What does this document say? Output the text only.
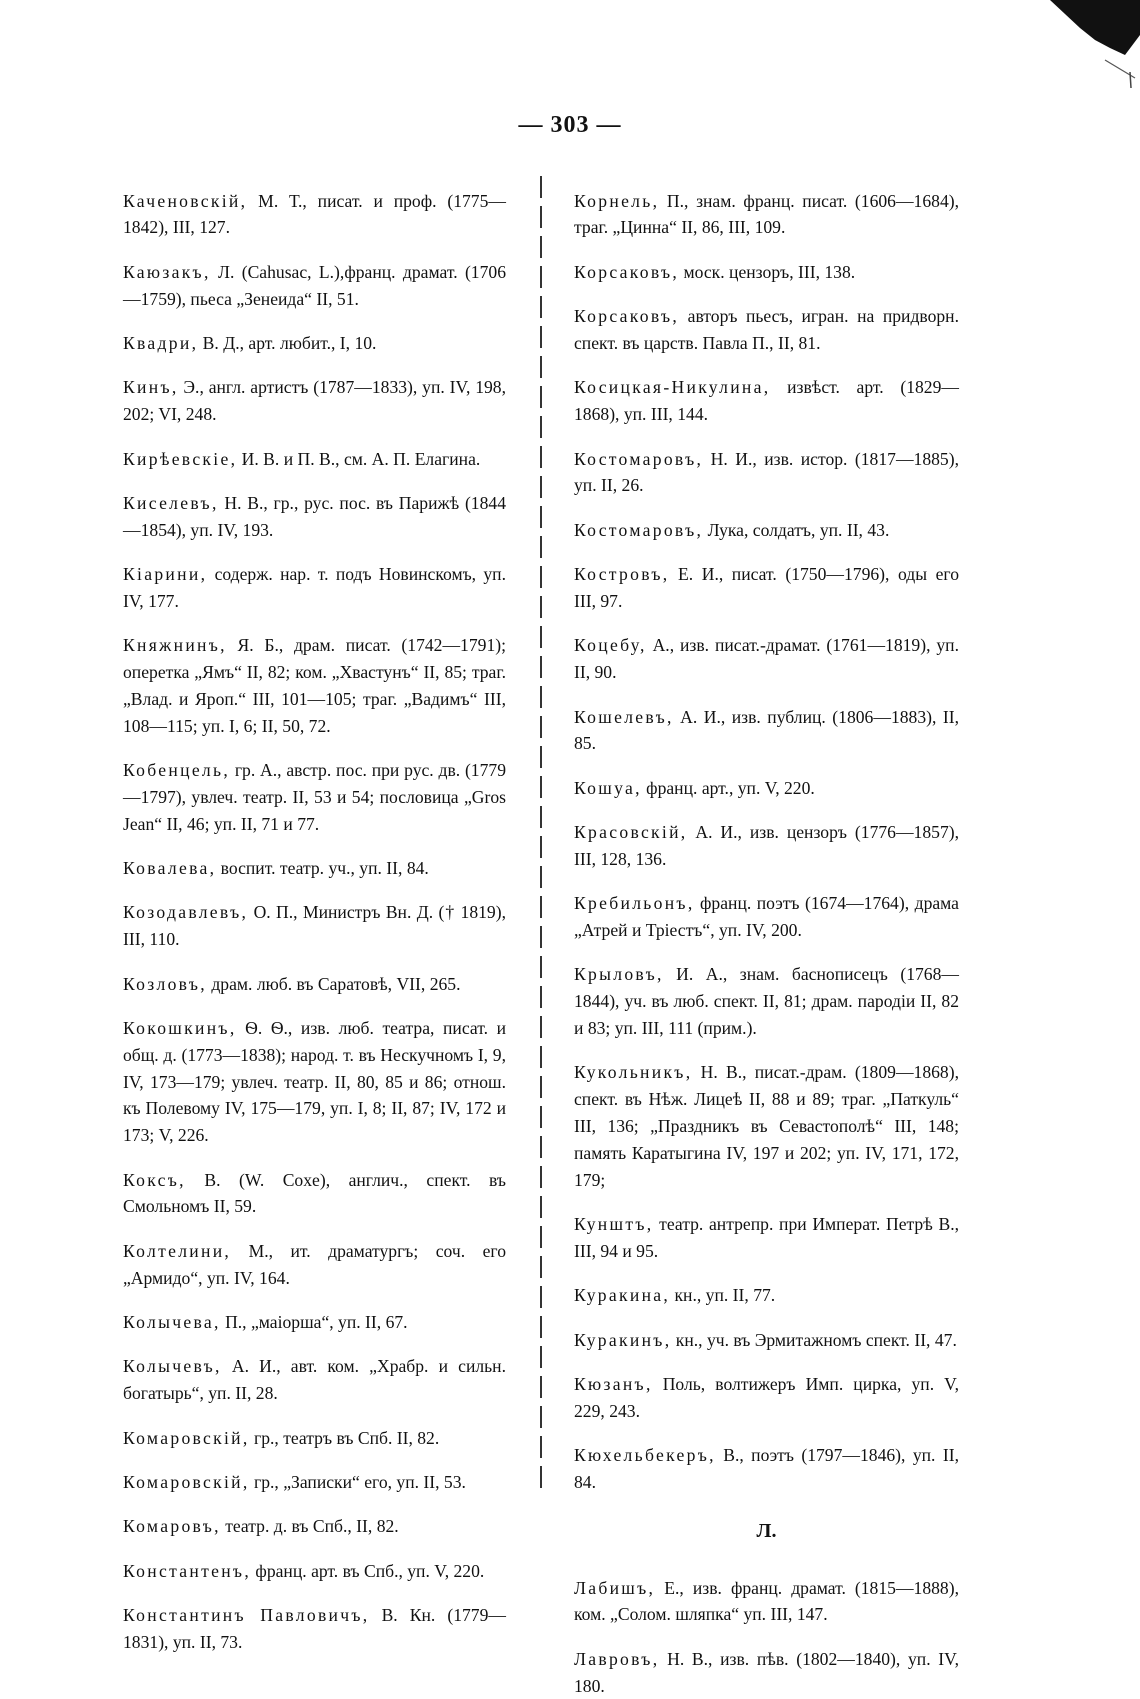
— 303 —

Каченовскій, М. Т., писат. и проф. (1775—1842), III, 127.

Каюзакъ, Л. (Cahusac, L.),франц. драмат. (1706—1759), пьеса „Зенеида“ II, 51.

Квадри, В. Д., арт. любит., I, 10.

Кинъ, Э., англ. артистъ (1787—1833), уп. IV, 198, 202; VI, 248.

Кирѣевскіе, И. В. и П. В., см. А. П. Елагина.

Киселевъ, Н. В., гр., рус. пос. въ Парижѣ (1844—1854), уп. IV, 193.

Кіарини, содерж. нар. т. подъ Новинскомъ, уп. IV, 177.

Княжнинъ, Я. Б., драм. писат. (1742—1791); оперетка „Ямъ“ II, 82; ком. „Хвастунъ“ II, 85; траг. „Влад. и Яроп.“ III, 101—105; траг. „Вадимъ“ III, 108—115; уп. I, 6; II, 50, 72.

Кобенцель, гр. А., австр. пос. при рус. дв. (1779—1797), увлеч. театр. II, 53 и 54; пословица „Gros Jean“ II, 46; уп. II, 71 и 77.

Ковалева, воспит. театр. уч., уп. II, 84.

Козодавлевъ, О. П., Министръ Вн. Д. († 1819), III, 110.

Козловъ, драм. люб. въ Саратовѣ, VII, 265.

Кокошкинъ, Ѳ. Ѳ., изв. люб. театра, писат. и общ. д. (1773—1838); народ. т. въ Нескучномъ I, 9, IV, 173—179; увлеч. театр. II, 80, 85 и 86; отнош. къ Полевому IV, 175—179, уп. I, 8; II, 87; IV, 172 и 173; V, 226.

Коксъ, В. (W. Coxe), англич., спект. въ Смольномъ II, 59.

Колтелини, М., ит. драматургъ; соч. его „Армидо“, уп. IV, 164.

Колычева, П., „маіорша“, уп. II, 67.

Колычевъ, А. И., авт. ком. „Храбр. и сильн. богатырь“, уп. II, 28.

Комаровскій, гр., театръ въ Спб. II, 82.

Комаровскій, гр., „Записки“ его, уп. II, 53.

Комаровъ, театр. д. въ Спб., II, 82.

Константенъ, франц. арт. въ Спб., уп. V, 220.

Константинъ Павловичъ, В. Кн. (1779—1831), уп. II, 73.

Корнель, П., знам. франц. писат. (1606—1684), траг. „Цинна“ II, 86, III, 109.

Корсаковъ, моск. цензоръ, III, 138.

Корсаковъ, авторъ пьесъ, игран. на придворн. спект. въ царств. Павла П., II, 81.

Косицкая-Никулина, извѣст. арт. (1829—1868), уп. III, 144.

Костомаровъ, Н. И., изв. истор. (1817—1885), уп. II, 26.

Костомаровъ, Лука, солдатъ, уп. II, 43.

Костровъ, Е. И., писат. (1750—1796), оды его III, 97.

Коцебу, А., изв. писат.-драмат. (1761—1819), уп. II, 90.

Кошелевъ, А. И., изв. публиц. (1806—1883), II, 85.

Кошуа, франц. арт., уп. V, 220.

Красовскій, А. И., изв. цензоръ (1776—1857), III, 128, 136.

Кребильонъ, франц. поэтъ (1674—1764), драма „Атрей и Тріестъ“, уп. IV, 200.

Крыловъ, И. А., знам. баснописецъ (1768—1844), уч. въ люб. спект. II, 81; драм. пародіи II, 82 и 83; уп. III, 111 (прим.).

Кукольникъ, Н. В., писат.-драм. (1809—1868), спект. въ Нѣж. Лицеѣ II, 88 и 89; траг. „Паткуль“ III, 136; „Праздникъ въ Севастополѣ“ III, 148; память Каратыгина IV, 197 и 202; уп. IV, 171, 172, 179;

Кунштъ, театр. антрепр. при Императ. Петрѣ В., III, 94 и 95.

Куракина, кн., уп. II, 77.

Куракинъ, кн., уч. въ Эрмитажномъ спект. II, 47.

Кюзанъ, Поль, волтижеръ Имп. цирка, уп. V, 229, 243.

Кюхельбекеръ, В., поэтъ (1797—1846), уп. II, 84.

Л.

Лабишъ, Е., изв. франц. драмат. (1815—1888), ком. „Солом. шляпка“ уп. III, 147.

Лавровъ, Н. В., изв. пѣв. (1802—1840), уп. IV, 180.
